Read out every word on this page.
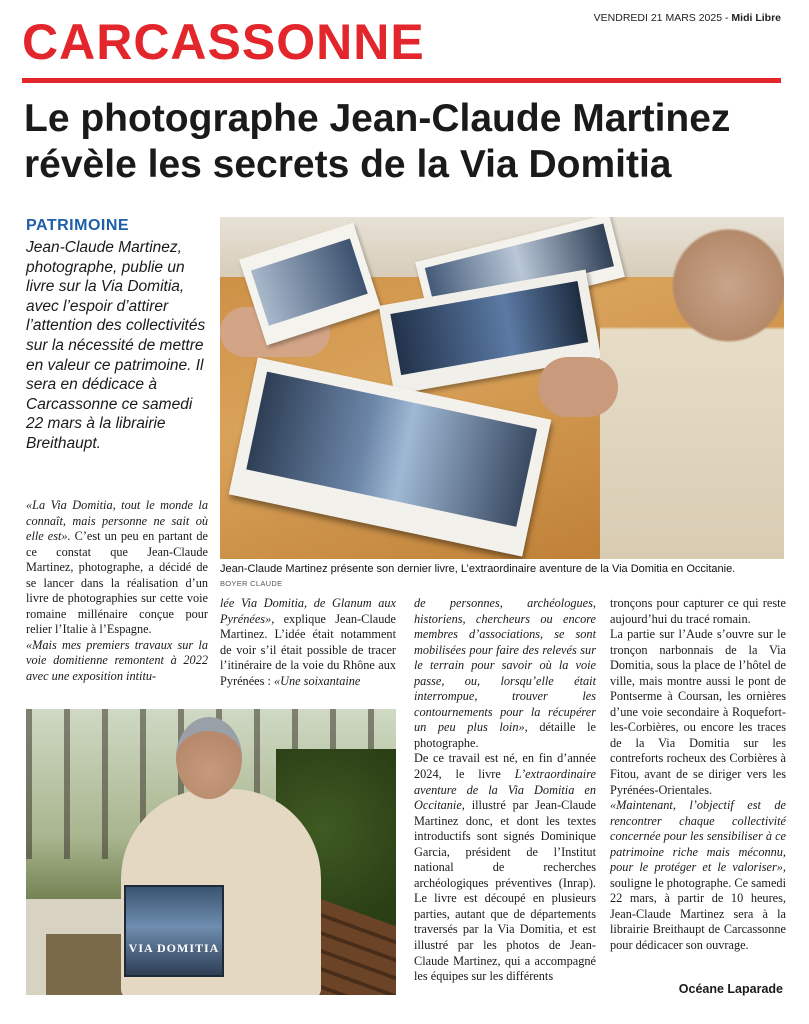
CARCASSONNE	VENDREDI 21 MARS 2025 - Midi Libre
Le photographe Jean-Claude Martinez révèle les secrets de la Via Domitia
PATRIMOINE
Jean-Claude Martinez, photographe, publie un livre sur la Via Domitia, avec l’espoir d’attirer l’attention des collectivités sur la nécessité de mettre en valeur ce patrimoine. Il sera en dédicace à Carcassonne ce samedi 22 mars à la librairie Breithaupt.
Jean-Claude Martinez présente son dernier livre, L’extraordinaire aventure de la Via Domitia en Occitanie.
BOYER CLAUDE

«La Via Domitia, tout le monde la connaît, mais personne ne sait où elle est». C’est un peu en partant de ce constat que Jean-Claude Martinez, photographe, a décidé de se lancer dans la réalisation d’un livre de photographies sur cette voie romaine millénaire conçue pour relier l’Italie à l’Espagne.

«Mais mes premiers travaux sur la voie domitienne remontent à 2022 avec une exposition intitu-

lée Via Domitia, de Glanum aux Pyrénées», explique Jean-Claude Martinez. L’idée était notamment de voir s’il était possible de tracer l’itinéraire de la voie du Rhône aux Pyrénées : «Une soixantaine

de personnes, archéologues, historiens, chercheurs ou encore membres d’associations, se sont mobilisées pour faire des relevés sur le terrain pour savoir où la voie passe, ou, lorsqu’elle était interrompue, trouver les contournements pour la récupérer un peu plus loin», détaille le photographe.

De ce travail est né, en fin d’année 2024, le livre L’extraordinaire aventure de la Via Domitia en Occitanie, illustré par Jean-Claude Martinez donc, et dont les textes introductifs sont signés Dominique Garcia, président de l’Institut national de recherches archéologiques préventives (Inrap). Le livre est découpé en plusieurs parties, autant que de départements traversés par la Via Domitia, et est illustré par les photos de Jean-Claude Martinez, qui a accompagné les équipes sur les différents

tronçons pour capturer ce qui reste aujourd’hui du tracé romain.

La partie sur l’Aude s’ouvre sur le tronçon narbonnais de la Via Domitia, sous la place de l’hôtel de ville, mais montre aussi le pont de Pontserme à Coursan, les ornières d’une voie secondaire à Roquefort-les-Corbières, ou encore les traces de la Via Domitia sur les contreforts rocheux des Corbières à Fitou, avant de se diriger vers les Pyrénées-Orientales.

«Maintenant, l’objectif est de rencontrer chaque collectivité concernée pour les sensibiliser à ce patrimoine riche mais méconnu, pour le protéger et le valoriser», souligne le photographe. Ce samedi 22 mars, à partir de 10 heures, Jean-Claude Martinez sera à la librairie Breithaupt de Carcassonne pour dédicacer son ouvrage.

Océane Laparade
VIA DOMITIA
